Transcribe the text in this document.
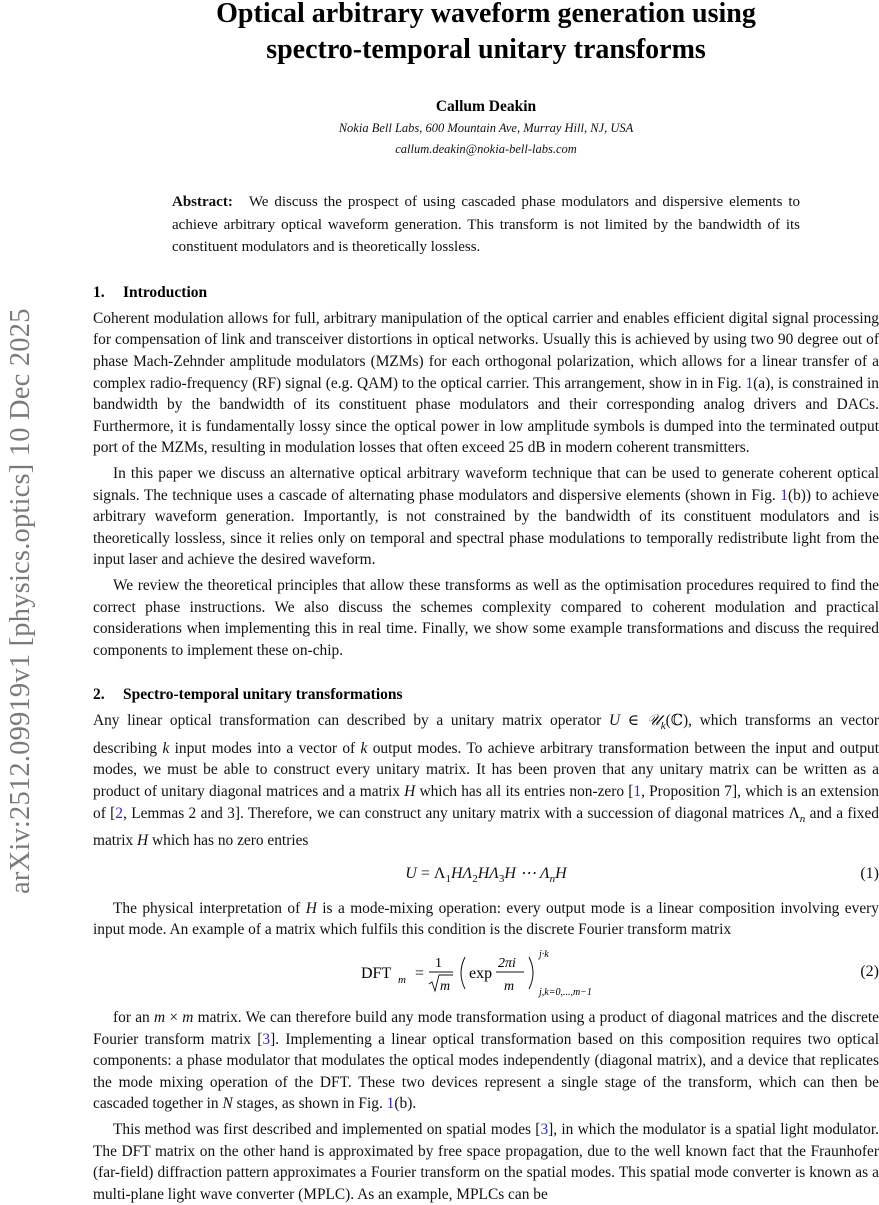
arXiv:2512.09919v1 [physics.optics] 10 Dec 2025
Optical arbitrary waveform generation using
spectro-temporal unitary transforms
Callum Deakin
Nokia Bell Labs, 600 Mountain Ave, Murray Hill, NJ, USA
callum.deakin@nokia-bell-labs.com
Abstract: We discuss the prospect of using cascaded phase modulators and dispersive elements to achieve arbitrary optical waveform generation. This transform is not limited by the bandwidth of its constituent modulators and is theoretically lossless.
1. Introduction

Coherent modulation allows for full, arbitrary manipulation of the optical carrier and enables efficient digital signal processing for compensation of link and transceiver distortions in optical networks. Usually this is achieved by using two 90 degree out of phase Mach-Zehnder amplitude modulators (MZMs) for each orthogonal polarization, which allows for a linear transfer of a complex radio-frequency (RF) signal (e.g. QAM) to the optical carrier. This arrangement, show in in Fig. 1(a), is constrained in bandwidth by the bandwidth of its constituent phase modulators and their corresponding analog drivers and DACs. Furthermore, it is fundamentally lossy since the optical power in low amplitude symbols is dumped into the terminated output port of the MZMs, resulting in modulation losses that often exceed 25 dB in modern coherent transmitters.

In this paper we discuss an alternative optical arbitrary waveform technique that can be used to generate coherent optical signals. The technique uses a cascade of alternating phase modulators and dispersive elements (shown in Fig. 1(b)) to achieve arbitrary waveform generation. Importantly, is not constrained by the bandwidth of its constituent modulators and is theoretically lossless, since it relies only on temporal and spectral phase modulations to temporally redistribute light from the input laser and achieve the desired waveform.

We review the theoretical principles that allow these transforms as well as the optimisation procedures required to find the correct phase instructions. We also discuss the schemes complexity compared to coherent modulation and practical considerations when implementing this in real time. Finally, we show some example transformations and discuss the required components to implement these on-chip.

2. Spectro-temporal unitary transformations

Any linear optical transformation can described by a unitary matrix operator U ∈ 𝒰$_k$(ℂ), which transforms an vector describing k input modes into a vector of k output modes. To achieve arbitrary transformation between the input and output modes, we must be able to construct every unitary matrix. It has been proven that any unitary matrix can be written as a product of unitary diagonal matrices and a matrix H which has all its entries non-zero [1, Proposition 7], which is an extension of [2, Lemmas 2 and 3]. Therefore, we can construct any unitary matrix with a succession of diagonal matrices $\Lambda_n$ and a fixed matrix H which has no zero entries

$U = \Lambda_1H\Lambda_2H\Lambda_3H$ ⋯ $\Lambda_nH$	(1)

The physical interpretation of H is a mode-mixing operation: every output mode is a linear composition involving every input mode. An example of a matrix which fulfils this condition is the discrete Fourier transform matrix

DFT m =
1
m
exp
2πi
m
j·k
j,k=0,...,m−1
(2)

for an m × m matrix. We can therefore build any mode transformation using a product of diagonal matrices and the discrete Fourier transform matrix [3]. Implementing a linear optical transformation based on this composition requires two optical components: a phase modulator that modulates the optical modes independently (diagonal matrix), and a device that replicates the mode mixing operation of the DFT. These two devices represent a single stage of the transform, which can then be cascaded together in N stages, as shown in Fig. 1(b).

This method was first described and implemented on spatial modes [3], in which the modulator is a spatial light modulator. The DFT matrix on the other hand is approximated by free space propagation, due to the well known fact that the Fraunhofer (far-field) diffraction pattern approximates a Fourier transform on the spatial modes. This spatial mode converter is known as a multi-plane light wave converter (MPLC). As an example, MPLCs can be
